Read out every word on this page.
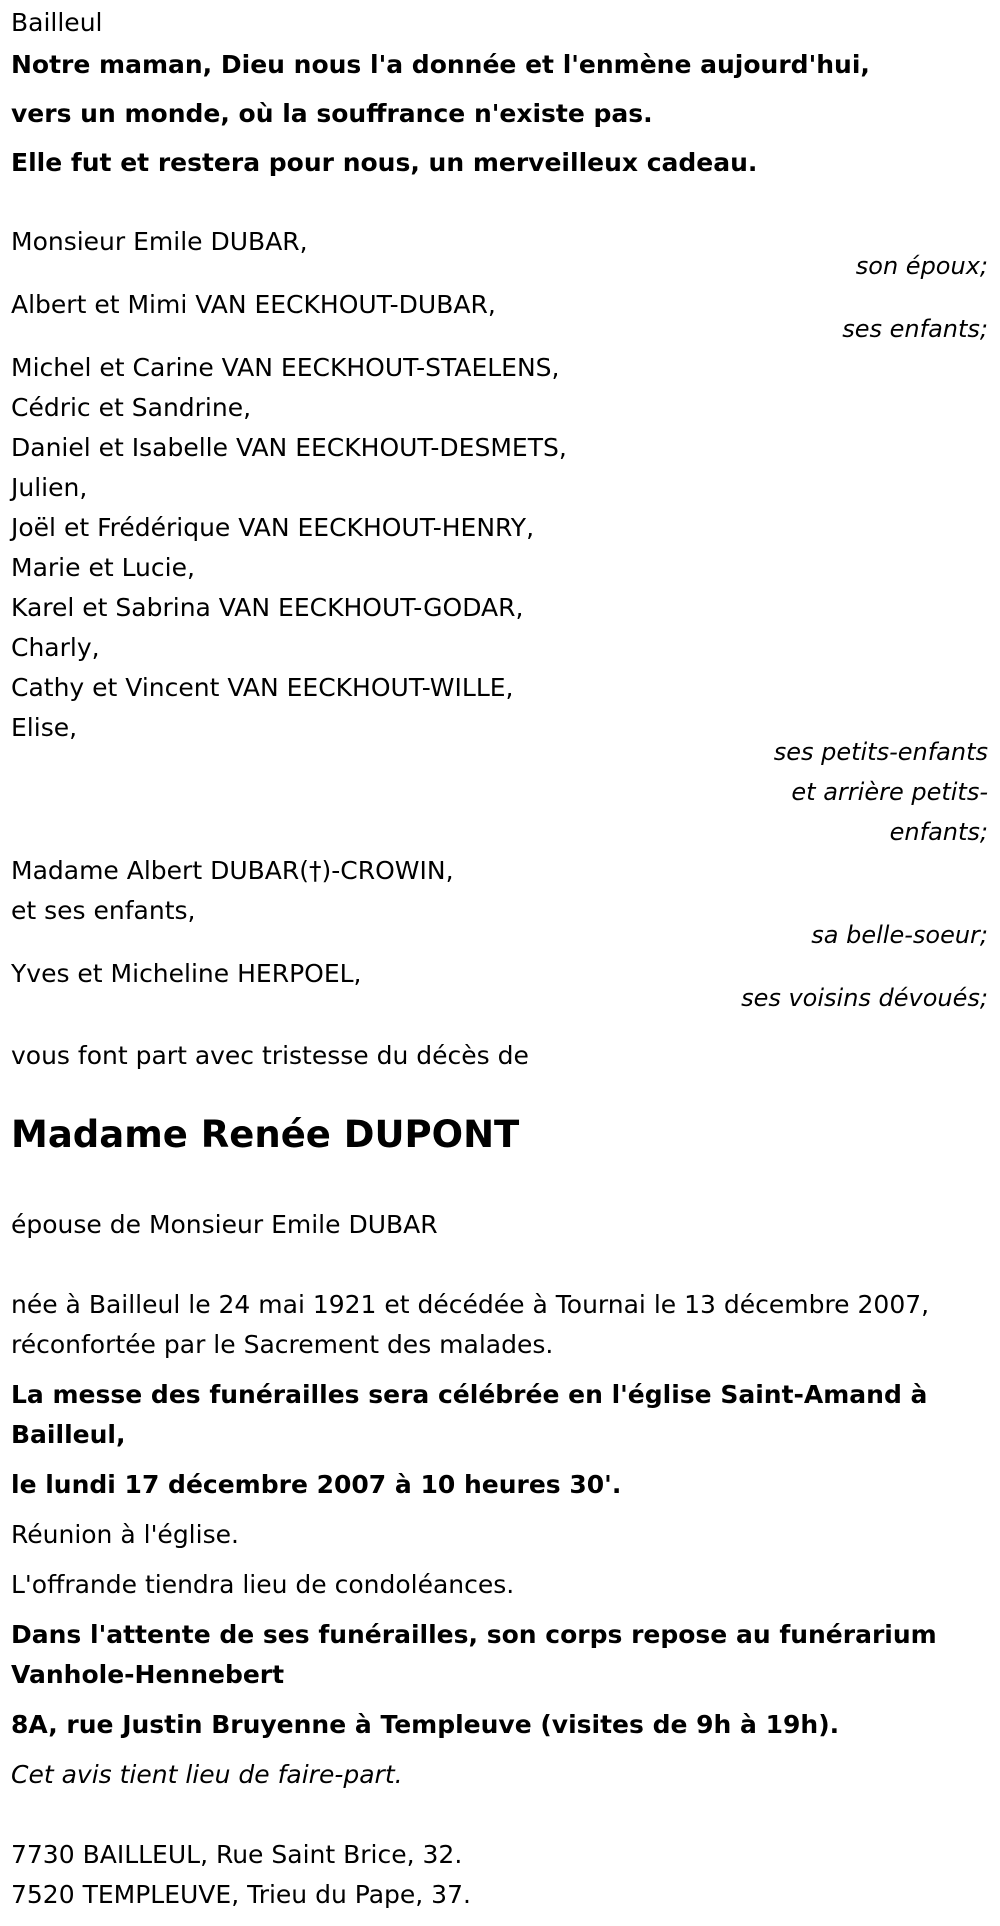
Bailleul
Notre maman, Dieu nous l'a donnée et l'enmène aujourd'hui,
vers un monde, où la souffrance n'existe pas.
Elle fut et restera pour nous, un merveilleux cadeau.
Monsieur Emile DUBAR,
son époux;
Albert et Mimi VAN EECKHOUT-DUBAR,
ses enfants;
Michel et Carine VAN EECKHOUT-STAELENS,
Cédric et Sandrine,
Daniel et Isabelle VAN EECKHOUT-DESMETS,
Julien,
Joël et Frédérique VAN EECKHOUT-HENRY,
Marie et Lucie,
Karel et Sabrina VAN EECKHOUT-GODAR,
Charly,
Cathy et Vincent VAN EECKHOUT-WILLE,
Elise,
ses petits-enfants
et arrière petits-
enfants;
Madame Albert DUBAR(†)-CROWIN,
et ses enfants,
sa belle-soeur;
Yves et Micheline HERPOEL,
ses voisins dévoués;
vous font part avec tristesse du décès de
Madame Renée DUPONT
épouse de Monsieur Emile DUBAR
née à Bailleul le 24 mai 1921 et décédée à Tournai le 13 décembre 2007,
réconfortée par le Sacrement des malades.
La messe des funérailles sera célébrée en l'église Saint-Amand à
Bailleul,
le lundi 17 décembre 2007 à 10 heures 30'.
Réunion à l'église.
L'offrande tiendra lieu de condoléances.
Dans l'attente de ses funérailles, son corps repose au funérarium
Vanhole-Hennebert
8A, rue Justin Bruyenne à Templeuve (visites de 9h à 19h).
Cet avis tient lieu de faire-part.
7730 BAILLEUL, Rue Saint Brice, 32.
7520 TEMPLEUVE, Trieu du Pape, 37.
